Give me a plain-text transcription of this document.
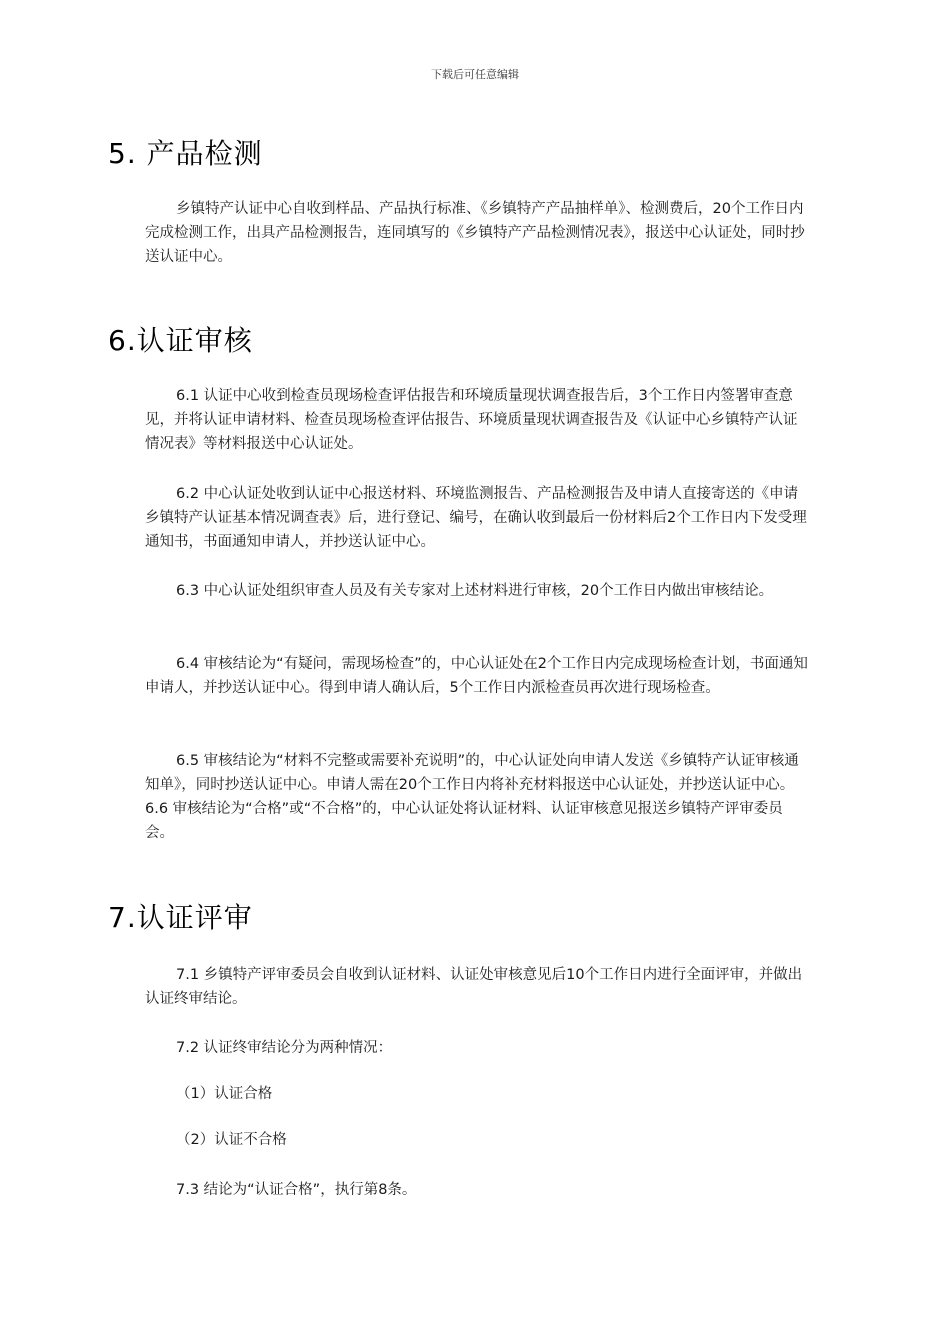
下载后可任意编辑
5. 产品检测

乡镇特产认证中心自收到样品、产品执行标准、《乡镇特产产品抽样单》、检测费后，20个工作日内完成检测工作，出具产品检测报告，连同填写的《乡镇特产产品检测情况表》，报送中心认证处，同时抄送认证中心。

6.认证审核

6.1 认证中心收到检查员现场检查评估报告和环境质量现状调查报告后，3个工作日内签署审查意见，并将认证申请材料、检查员现场检查评估报告、环境质量现状调查报告及《认证中心乡镇特产认证情况表》等材料报送中心认证处。

6.2 中心认证处收到认证中心报送材料、环境监测报告、产品检测报告及申请人直接寄送的《申请乡镇特产认证基本情况调查表》后，进行登记、编号，在确认收到最后一份材料后2个工作日内下发受理通知书，书面通知申请人，并抄送认证中心。

6.3 中心认证处组织审查人员及有关专家对上述材料进行审核，20个工作日内做出审核结论。

6.4 审核结论为“有疑问，需现场检查”的，中心认证处在2个工作日内完成现场检查计划，书面通知申请人，并抄送认证中心。得到申请人确认后，5个工作日内派检查员再次进行现场检查。

6.5 审核结论为“材料不完整或需要补充说明”的，中心认证处向申请人发送《乡镇特产认证审核通知单》，同时抄送认证中心。申请人需在20个工作日内将补充材料报送中心认证处，并抄送认证中心。 6.6 审核结论为“合格”或“不合格”的，中心认证处将认证材料、认证审核意见报送乡镇特产评审委员会。

7.认证评审

7.1 乡镇特产评审委员会自收到认证材料、认证处审核意见后10个工作日内进行全面评审，并做出认证终审结论。

7.2 认证终审结论分为两种情况：

（1）认证合格

（2）认证不合格

7.3 结论为“认证合格”，执行第8条。
